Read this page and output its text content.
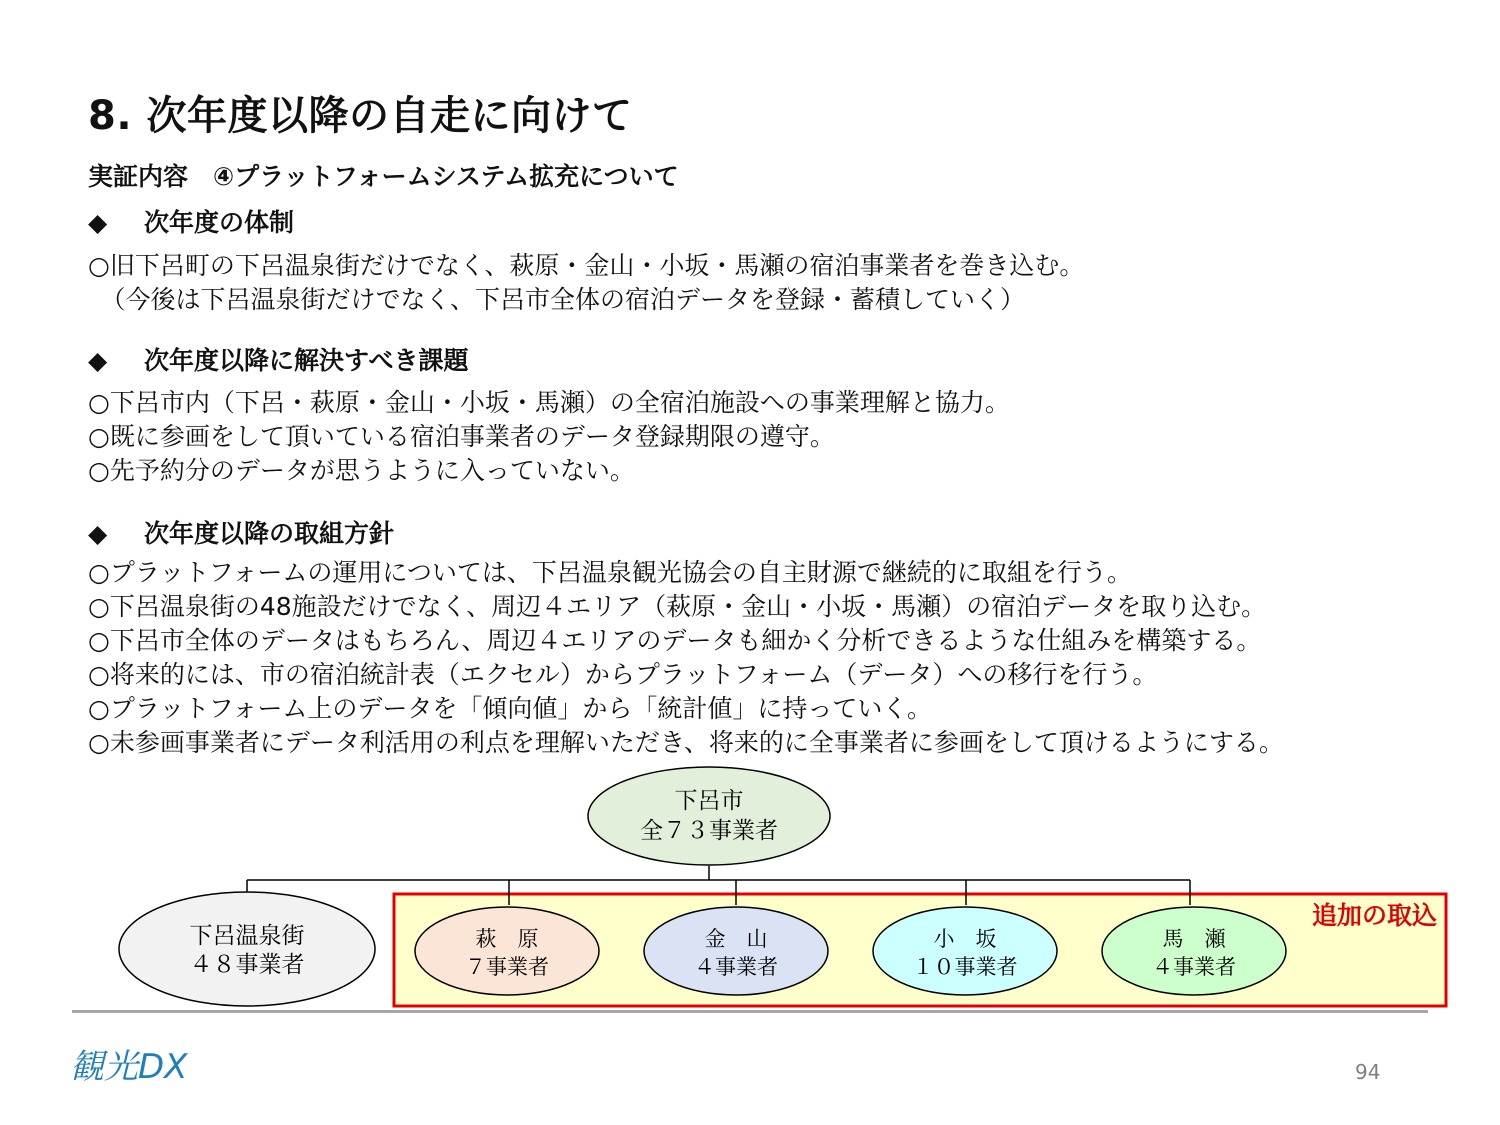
8. 次年度以降の自走に向けて
実証内容　④プラットフォームシステム拡充について
◆ 次年度の体制
○旧下呂町の下呂温泉街だけでなく、萩原・金山・小坂・馬瀬の宿泊事業者を巻き込む。
　（今後は下呂温泉街だけでなく、下呂市全体の宿泊データを登録・蓄積していく）
◆ 次年度以降に解決すべき課題
○下呂市内（下呂・萩原・金山・小坂・馬瀬）の全宿泊施設への事業理解と協力。
○既に参画をして頂いている宿泊事業者のデータ登録期限の遵守。
○先予約分のデータが思うように入っていない。
◆ 次年度以降の取組方針
○プラットフォームの運用については、下呂温泉観光協会の自主財源で継続的に取組を行う。
○下呂温泉街の48施設だけでなく、周辺４エリア（萩原・金山・小坂・馬瀬）の宿泊データを取り込む。
○下呂市全体のデータはもちろん、周辺４エリアのデータも細かく分析できるような仕組みを構築する。
○将来的には、市の宿泊統計表（エクセル）からプラットフォーム（データ）への移行を行う。
○プラットフォーム上のデータを「傾向値」から「統計値」に持っていく。
○未参画事業者にデータ利活用の利点を理解いただき、将来的に全事業者に参画をして頂けるようにする。
下呂市
全７３事業者
下呂温泉街
４８事業者
萩　原
７事業者
金　山
４事業者
小　坂
１０事業者
馬　瀬
４事業者
追加の取込
観光DX	94
